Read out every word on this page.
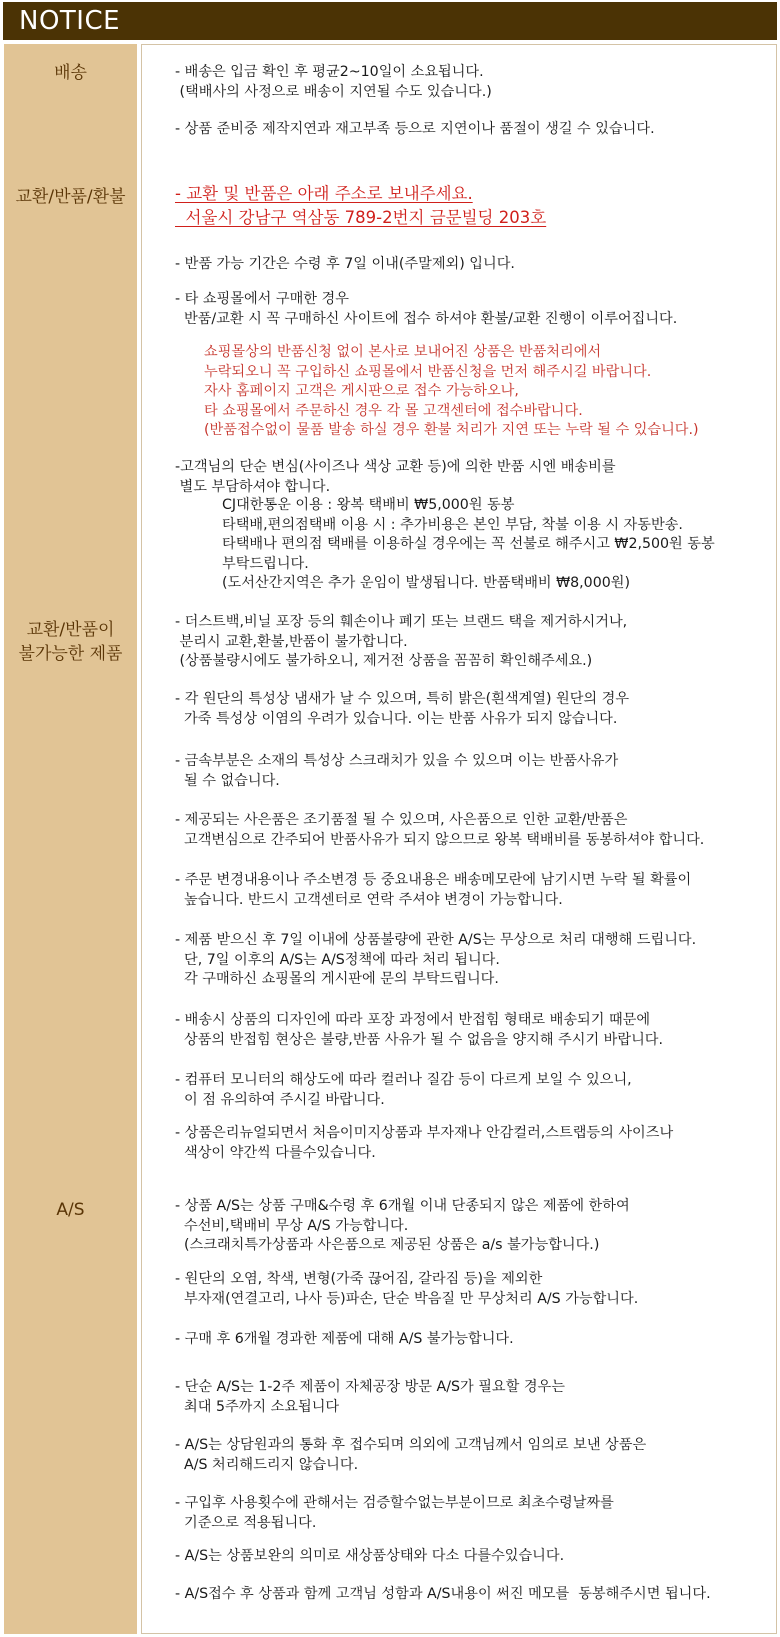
NOTICE
배송
교환/반품/환불
교환/반품이
불가능한 제품
A/S
- 배송은 입금 확인 후 평균2~10일이 소요됩니다.
(택배사의 사정으로 배송이 지연될 수도 있습니다.)
- 상품 준비중 제작지연과 재고부족 등으로 지연이나 품절이 생길 수 있습니다.
- 교환 및 반품은 아래 주소로 보내주세요.
서울시 강남구 역삼동 789-2번지 금문빌딩 203호
- 반품 가능 기간은 수령 후 7일 이내(주말제외) 입니다.
- 타 쇼핑몰에서 구매한 경우
반품/교환 시 꼭 구매하신 사이트에 접수 하셔야 환불/교환 진행이 이루어집니다.
쇼핑몰상의 반품신청 없이 본사로 보내어진 상품은 반품처리에서
누락되오니 꼭 구입하신 쇼핑몰에서 반품신청을 먼저 해주시길 바랍니다.
자사 홈페이지 고객은 게시판으로 접수 가능하오나,
타 쇼핑몰에서 주문하신 경우 각 몰 고객센터에 접수바랍니다.
(반품접수없이 물품 발송 하실 경우 환불 처리가 지연 또는 누락 될 수 있습니다.)
-고객님의 단순 변심(사이즈나 색상 교환 등)에 의한 반품 시엔 배송비를
별도 부담하셔야 합니다.
CJ대한통운 이용 : 왕복 택배비 ₩5,000원 동봉
타택배,편의점택배 이용 시 : 추가비용은 본인 부담, 착불 이용 시 자동반송.
타택배나 편의점 택배를 이용하실 경우에는 꼭 선불로 해주시고 ₩2,500원 동봉
부탁드립니다.
(도서산간지역은 추가 운임이 발생됩니다. 반품택배비 ₩8,000원)
- 더스트백,비닐 포장 등의 훼손이나 폐기 또는 브랜드 택을 제거하시거나,
분리시 교환,환불,반품이 불가합니다.
(상품불량시에도 불가하오니, 제거전 상품을 꼼꼼히 확인해주세요.)
- 각 원단의 특성상 냄새가 날 수 있으며, 특히 밝은(흰색계열) 원단의 경우
가죽 특성상 이염의 우려가 있습니다. 이는 반품 사유가 되지 않습니다.
- 금속부분은 소재의 특성상 스크래치가 있을 수 있으며 이는 반품사유가
될 수 없습니다.
- 제공되는 사은품은 조기품절 될 수 있으며, 사은품으로 인한 교환/반품은
고객변심으로 간주되어 반품사유가 되지 않으므로 왕복 택배비를 동봉하셔야 합니다.
- 주문 변경내용이나 주소변경 등 중요내용은 배송메모란에 남기시면 누락 될 확률이
높습니다. 반드시 고객센터로 연락 주셔야 변경이 가능합니다.
- 제품 받으신 후 7일 이내에 상품불량에 관한 A/S는 무상으로 처리 대행해 드립니다.
단, 7일 이후의 A/S는 A/S정책에 따라 처리 됩니다.
각 구매하신 쇼핑몰의 게시판에 문의 부탁드립니다.
- 배송시 상품의 디자인에 따라 포장 과정에서 반접힘 형태로 배송되기 때문에
상품의 반접힘 현상은 불량,반품 사유가 될 수 없음을 양지해 주시기 바랍니다.
- 컴퓨터 모니터의 해상도에 따라 컬러나 질감 등이 다르게 보일 수 있으니,
이 점 유의하여 주시길 바랍니다.
- 상품은리뉴얼되면서 처음이미지상품과 부자재나 안감컬러,스트랩등의 사이즈나
색상이 약간씩 다를수있습니다.
- 상품 A/S는 상품 구매&수령 후 6개월 이내 단종되지 않은 제품에 한하여
수선비,택배비 무상 A/S 가능합니다.
(스크래치특가상품과 사은품으로 제공된 상품은 a/s 불가능합니다.)
- 원단의 오염, 착색, 변형(가죽 끊어짐, 갈라짐 등)을 제외한
부자재(연결고리, 나사 등)파손, 단순 박음질 만 무상처리 A/S 가능합니다.
- 구매 후 6개월 경과한 제품에 대해 A/S 불가능합니다.
- 단순 A/S는 1-2주 제품이 자체공장 방문 A/S가 필요할 경우는
최대 5주까지 소요됩니다
- A/S는 상담원과의 통화 후 접수되며 의외에 고객님께서 임의로 보낸 상품은
A/S 처리해드리지 않습니다.
- 구입후 사용횟수에 관해서는 검증할수없는부분이므로 최초수령날짜를
기준으로 적용됩니다.
- A/S는 상품보완의 의미로 새상품상태와 다소 다를수있습니다.
- A/S접수 후 상품과 함께 고객님 성함과 A/S내용이 써진 메모를  동봉해주시면 됩니다.
